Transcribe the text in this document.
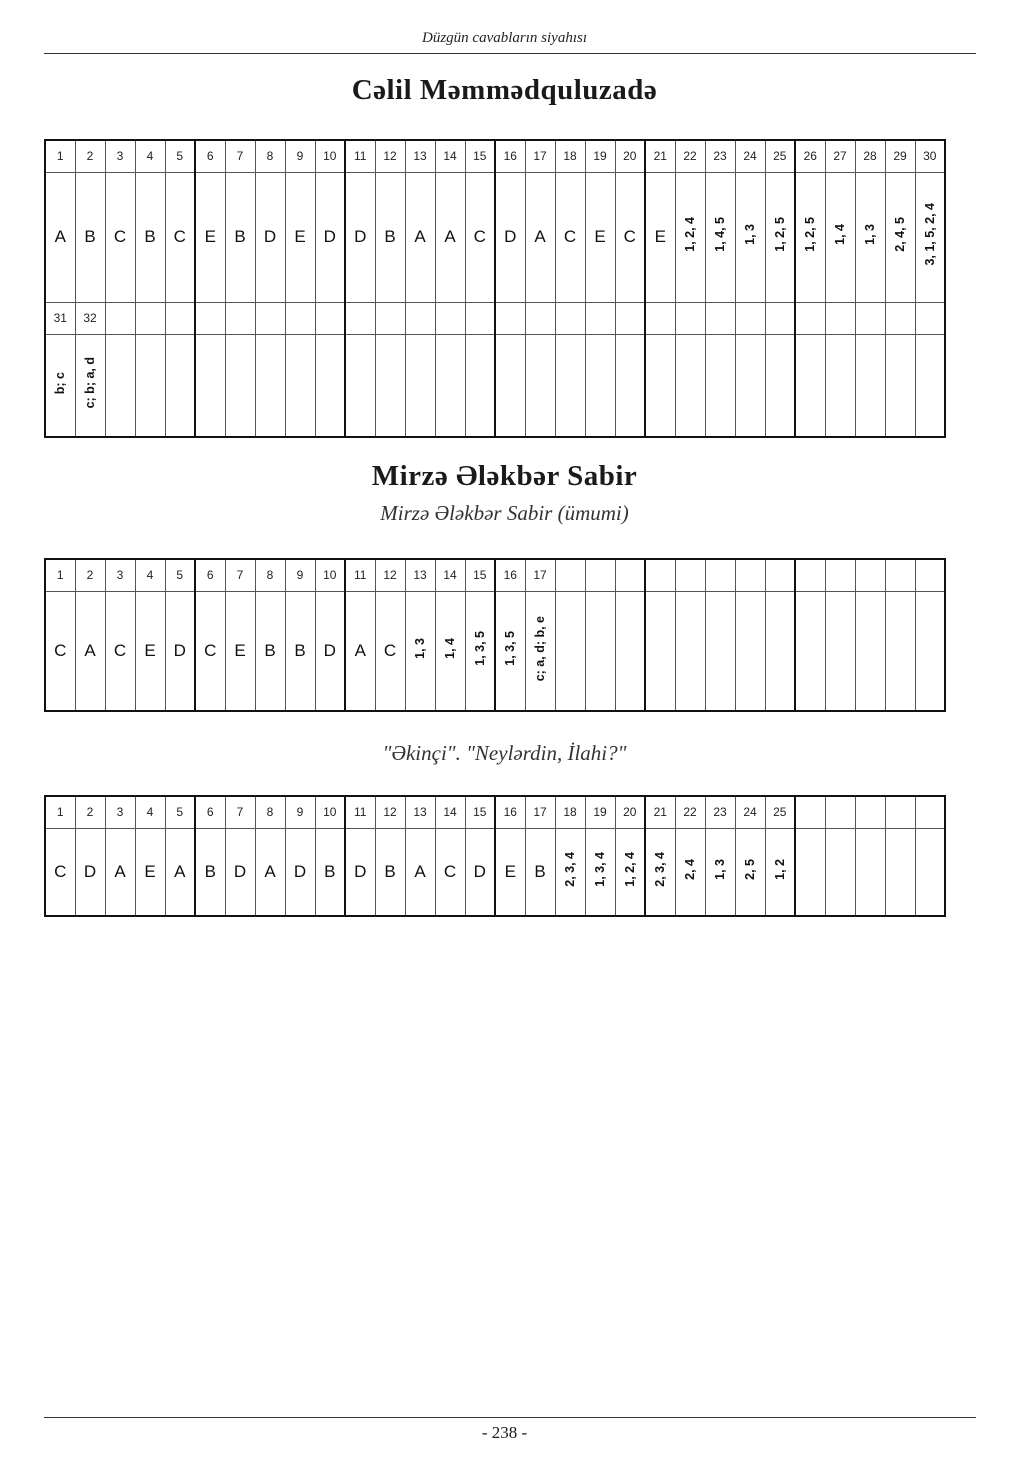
Düzgün cavabların siyahısı
Cəlil Məmmədquluzadə
1	2	3	4	5	6	7	8	9	10	11	12	13	14	15	16	17	18	19	20	21	22	23	24	25	26	27	28	29	30
A	B	C	B	C	E	B	D	E	D	D	B	A	A	C	D	A	C	E	C	E	1, 2, 4	1, 4, 5	1, 3	1, 2, 5	1, 2, 5	1, 4	1, 3	2, 4, 5	3, 1, 5, 2, 4
31	32																												
b; c	c; b; a, d																												
Mirzə Ələkbər Sabir
Mirzə Ələkbər Sabir (ümumi)
1	2	3	4	5	6	7	8	9	10	11	12	13	14	15	16	17													
C	A	C	E	D	C	E	B	B	D	A	C	1, 3	1, 4	1, 3, 5	1, 3, 5	c; a, d; b, e													
"Əkinçi". "Neylərdin, İlahi?"
1	2	3	4	5	6	7	8	9	10	11	12	13	14	15	16	17	18	19	20	21	22	23	24	25					
C	D	A	E	A	B	D	A	D	B	D	B	A	C	D	E	B	2, 3, 4	1, 3, 4	1, 2, 4	2, 3, 4	2, 4	1, 3	2, 5	1, 2					
- 238 -
